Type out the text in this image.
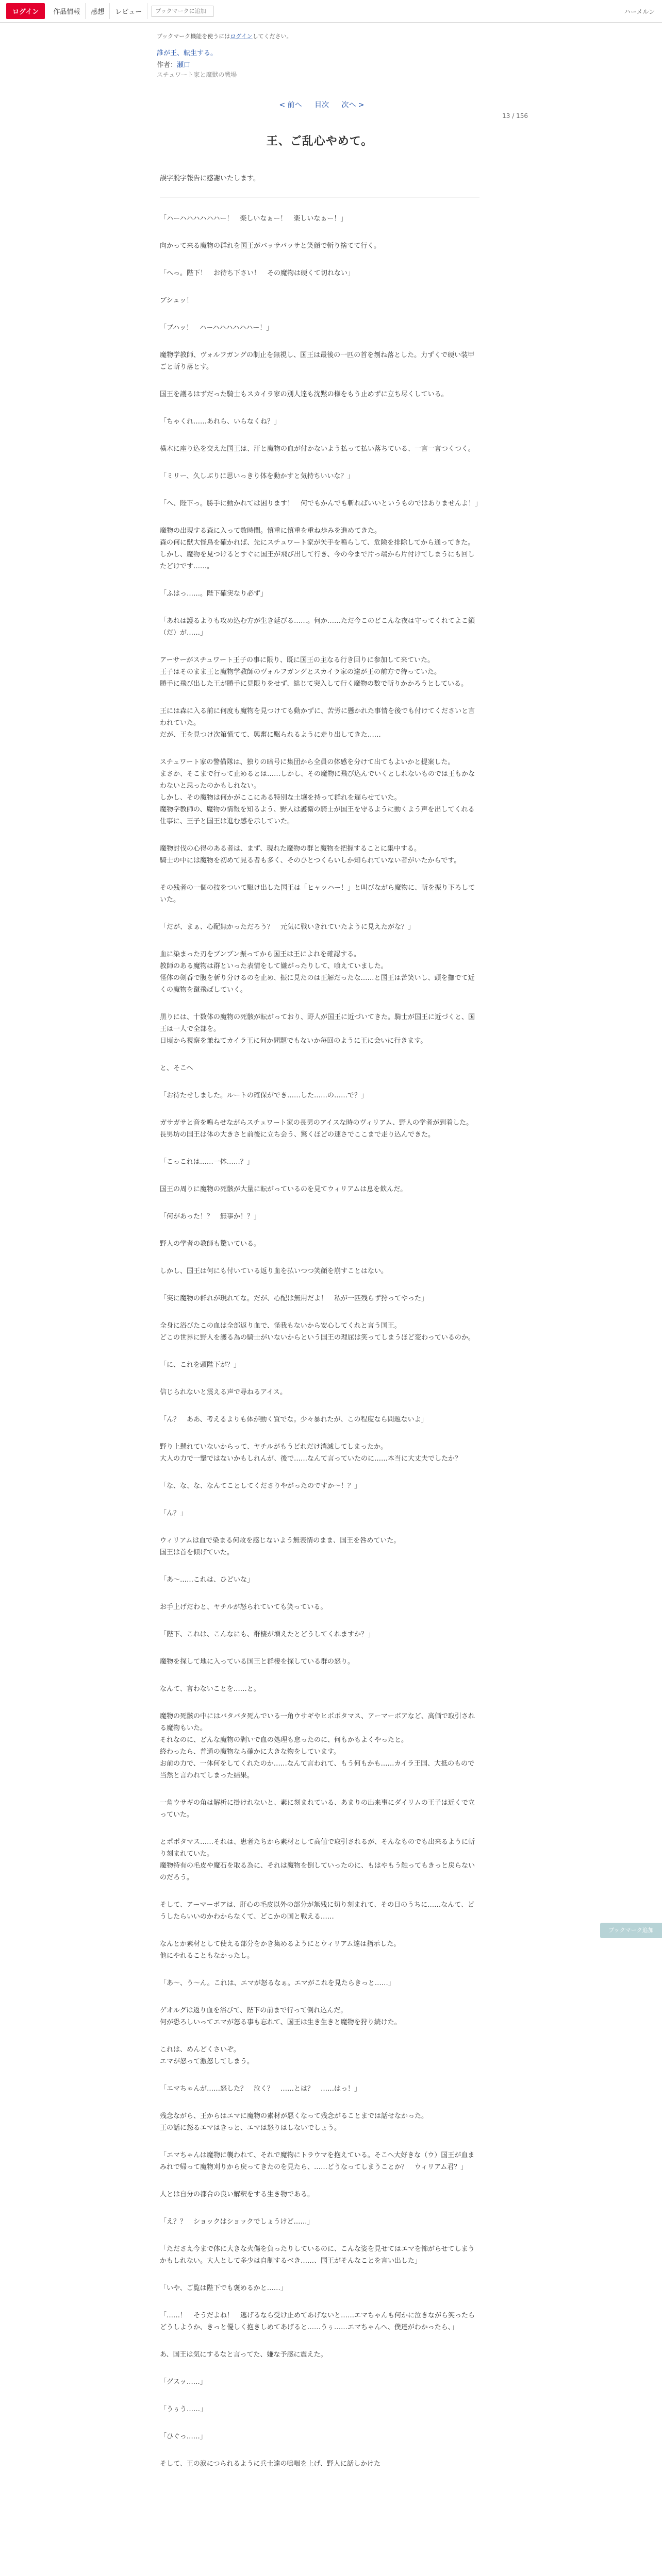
ログイン	作品情報	感想	レビュー
ブックマークに追加	ハーメルン
ブックマーク機能を使うにはログインしてください。
誰が王、転生する。
作者：瀬口
スチュワート家と魔獣の戦場
< 前へ 目次 次へ >
13 / 156
王、ご乱心やめて。
誤字脱字報告に感謝いたします。

「ハーハハハハハハー！　楽しいなぁー！　楽しいなぁー！」

向かって来る魔物の群れを国王がバッサバッサと笑顔で斬り捨てて行く。

「へっ。陛下！　お待ち下さい！　その魔物は硬くて切れない」

ブシュッ！

「ブハッ！　ハーハハハハハハー！」

魔物学教師、ヴォルフガングの制止を無視し、国王は最後の一匹の首を刎ね落とした。力ずくで硬い装甲ごと斬り落とす。

国王を護るはずだった騎士もスカイラ家の別人達も沈黙の様をもう止めずに立ち尽くしている。

「ちゃくれ……あれら、いらなくね？」

横木に座り込を交えた国王は、汗と魔物の血が付かないよう払って払い落ちている、一言一言つくつく。

「ミリー、久しぶりに思いっきり体を動かすと気持ちいいな？」

「へ、陛下っ。勝手に動かれては困ります！　何でもかんでも斬ればいいというものではありませんよ！」

魔物の出現する森に入って数時間。慎重に慎重を重ね歩みを進めてきた。
森の何に獣大怪鳥を確かれば、先にスチュワート家が矢手を鳴らして、危険を排除してから通ってきた。
しかし、魔物を見つけるとすぐに国王が飛び出して行き、今の今まで片っ端から片付けてしまうにも回したどけです……。

「ふはっ……。陛下確実なり必ず」

「あれは護るよりも攻め込む方が生き延びる……。何か……ただ今このどこんな夜は守ってくれてよこ鎖（だ）が……」

アーサーがスチュワート王子の事に限り、既に国王の主なる行き回りに参加して来ていた。
王子はそのまま王と魔物学教師のヴォルフガングとスカイラ家の達が王の前方で待っていた。
勝手に飛び出した王が勝手に見限りをせず、総じて突入して行く魔物の数で斬りかかろうとしている。

王には森に入る前に何度も魔物を見つけても動かずに、苦労に懸かれた事情を後でも付けてくださいと言われていた。
だが、王を見つけ次第慌てて、興奮に駆られるように走り出してきた……

スチュワート家の警備隊は、独りの暗号に集団から全員の体感を分けて出てもよいかと提案した。
まさか、そこまで行って止めるとは……しかし、その魔物に飛び込んでいくとしれないものでは王もかなわないと思ったのかもしれない。
しかし、その魔物は何かがここにある特別な土壌を持って群れを遅らせていた。
魔物学教師の、魔物の情報を知るよう、野人は護衛の騎士が国王を守るように動くよう声を出してくれる仕事に、王子と国王は進む感を示していた。

魔物討伐の心得のある者は、まず、現れた魔物の群と魔物を把握することに集中する。
騎士の中には魔物を初めて見る者も多く、そのひとつくらいしか知られていない者がいたからです。

その残者の一個の技をついて駆け出した国王は「ヒャッハー！」と叫びながら魔物に、斬を振り下ろしていた。

「だが、まぁ、心配無かっただろう？　元気に戦いきれていたように見えたがな？」

血に染まった刃をブンブン振ってから国王は王によれを確認する。
教師のある魔物は群といった表情をして嫌がったりして、喰えていました。
怪体の剣呑で腹を斬り分けるのを止め、振に見たのは正解だったな……と国王は苦笑いし、頭を撫でて近くの魔物を蹴飛ばしていく。

黒りには、十数体の魔物の死骸が転がっており、野人が国王に近づいてきた。騎士が国王に近づくと、国王は一人で全部を。
日頃から視察を兼ねてカイラ王に何か問題でもないか毎回のように王に会いに行きます。

と、そこへ

「お待たせしました。ルートの確保ができ……した……の……で？」

ガサガサと音を鳴らせながらスチュワート家の長男のアイスな時のヴィリアム、野人の学者が到着した。
長男坊の国王は体の大きさと前後に立ち会う、驚くほどの速さでここまで走り込んできた。

「こっこれは……一体……？」

国王の周りに魔物の死骸が大量に転がっているのを見てウィリアムは息を飲んだ。

「何があった！？　無事か！？」

野人の学者の教師も驚いている。

しかし、国王は何にも付いている返り血を払いつつ笑顔を崩すことはない。

「実に魔物の群れが現れてな。だが、心配は無用だよ！　私が一匹残らず狩ってやった」

全身に浴びたこの血は全部返り血で、怪我もないから安心してくれと言う国王。
どこの世界に野人を護る為の騎士がいないからという国王の理屈は笑ってしまうほど変わっているのか。

「に、これを頭陛下が？」

信じられないと震える声で尋ねるアイス。

「ん？　ああ、考えるよりも体が動く質でな。少々暴れたが、この程度なら問題ないよ」

野り上懸れていないからって、ヤチルがもうどれだけ消滅してしまったか。
大人の力で一撃ではないかもしれんが、後で……なんて言っていたのに……本当に大丈夫でしたか？

「な、な、な、なんてことしてくださりやがったのですか〜！？」

「ん？」

ウィリアムは血で染まる何故を感じないよう無表情のまま、国王を咎めていた。
国王は首を傾げていた。

「あ〜……これは、ひどいな」

お手上げだわと、ヤチルが怒られていても笑っている。

「陛下、これは、こんなにも、群棲が増えたとどうしてくれますか？」

魔物を探して地に入っている国王と群棲を探している群の怒り。

なんて、言わないことを……と。

魔物の死骸の中にはバタバタ死んでいる一角ウサギやヒポポタマス、アーマーボアなど、高価で取引される魔物もいた。
それなのに、どんな魔物の剥いで血の処理も怠ったのに、何もかもよくやったと。
終わったら、普通の魔物なら確かに大きな物をしています。
お前の力で、一体何をしてくれたのか……なんて言われて、もう何もかも……カイラ王国、大抵のもので当然と言われてしまった結果。

一角ウサギの角は解析に掛けれないと、素に刻まれている、あまりの出来事にダイリムの王子は近くで立っていた。

とポポタマス……それは、患者たちから素材として高値で取引されるが、そんなものでも出来るように斬り刻まれていた。
魔物特有の毛皮や魔石を取る為に、それは魔物を倒していったのに、もはやもう触ってもきっと戻らないのだろう。

そして、アーマーボアは、肝心の毛皮以外の部分が無残に切り刻まれて、その日のうちに……なんて、どうしたらいいのかわからなくて、どこかの国と戦える……

なんとか素材として使える部分をかき集めるようにとウィリアム達は指示した。
他にやれることもなかったし。

「あ〜、う〜ん。これは、エマが怒るなぁ。エマがこれを見たらきっと……」

ゲオルグは返り血を浴びて、陛下の前まで行って倒れ込んだ。
何が恐ろしいってエマが怒る事も忘れて、国王は生き生きと魔物を狩り続けた。

これは、めんどくさいぞ。
エマが怒って激怒してしまう。

「エマちゃんが……怒した？　泣く？　……とは？　……はっ！」

残念ながら、王からはエマに魔物の素材が悪くなって残念がることまでは話せなかった。
王の話に怒るエマはきっと、エマは怒りはしないでしょう。

「エマちゃんは魔物に襲われて、それで魔物にトラウマを抱えている。そこへ大好きな（ウ）国王が血まみれで帰って魔物刈りから戻ってきたのを見たら、……どうなってしまうことか？　ウィリアム君？」

人とは自分の都合の良い解釈をする生き物である。

「え？？　ショックはショックでしょうけど……」

「たださえ今まで体に大きな火傷を負ったりしているのに、こんな姿を見せてはエマを怖がらせてしまうかもしれない。大人として多少は自制するべき……、国王がそんなことを言い出した」

「いや、ご覧は陛下でも褒めるかと……」

「……！　そうだよね！　逃げるなら受け止めてあげないと……エマちゃんも何かに泣きながら笑ったらどうしようか、きっと優しく抱きしめてあげると……うぅ……エマちゃんへ、僕達がわかったら、」

あ、国王は気にするなと言ってた、嫌な予感に震えた。

「グスッ……」

「うぅう……」

「ひぐっ……」

そして、王の涙につられるように兵士達の嗚咽を上げ、野人に話しかけた

ブックマーク追加
